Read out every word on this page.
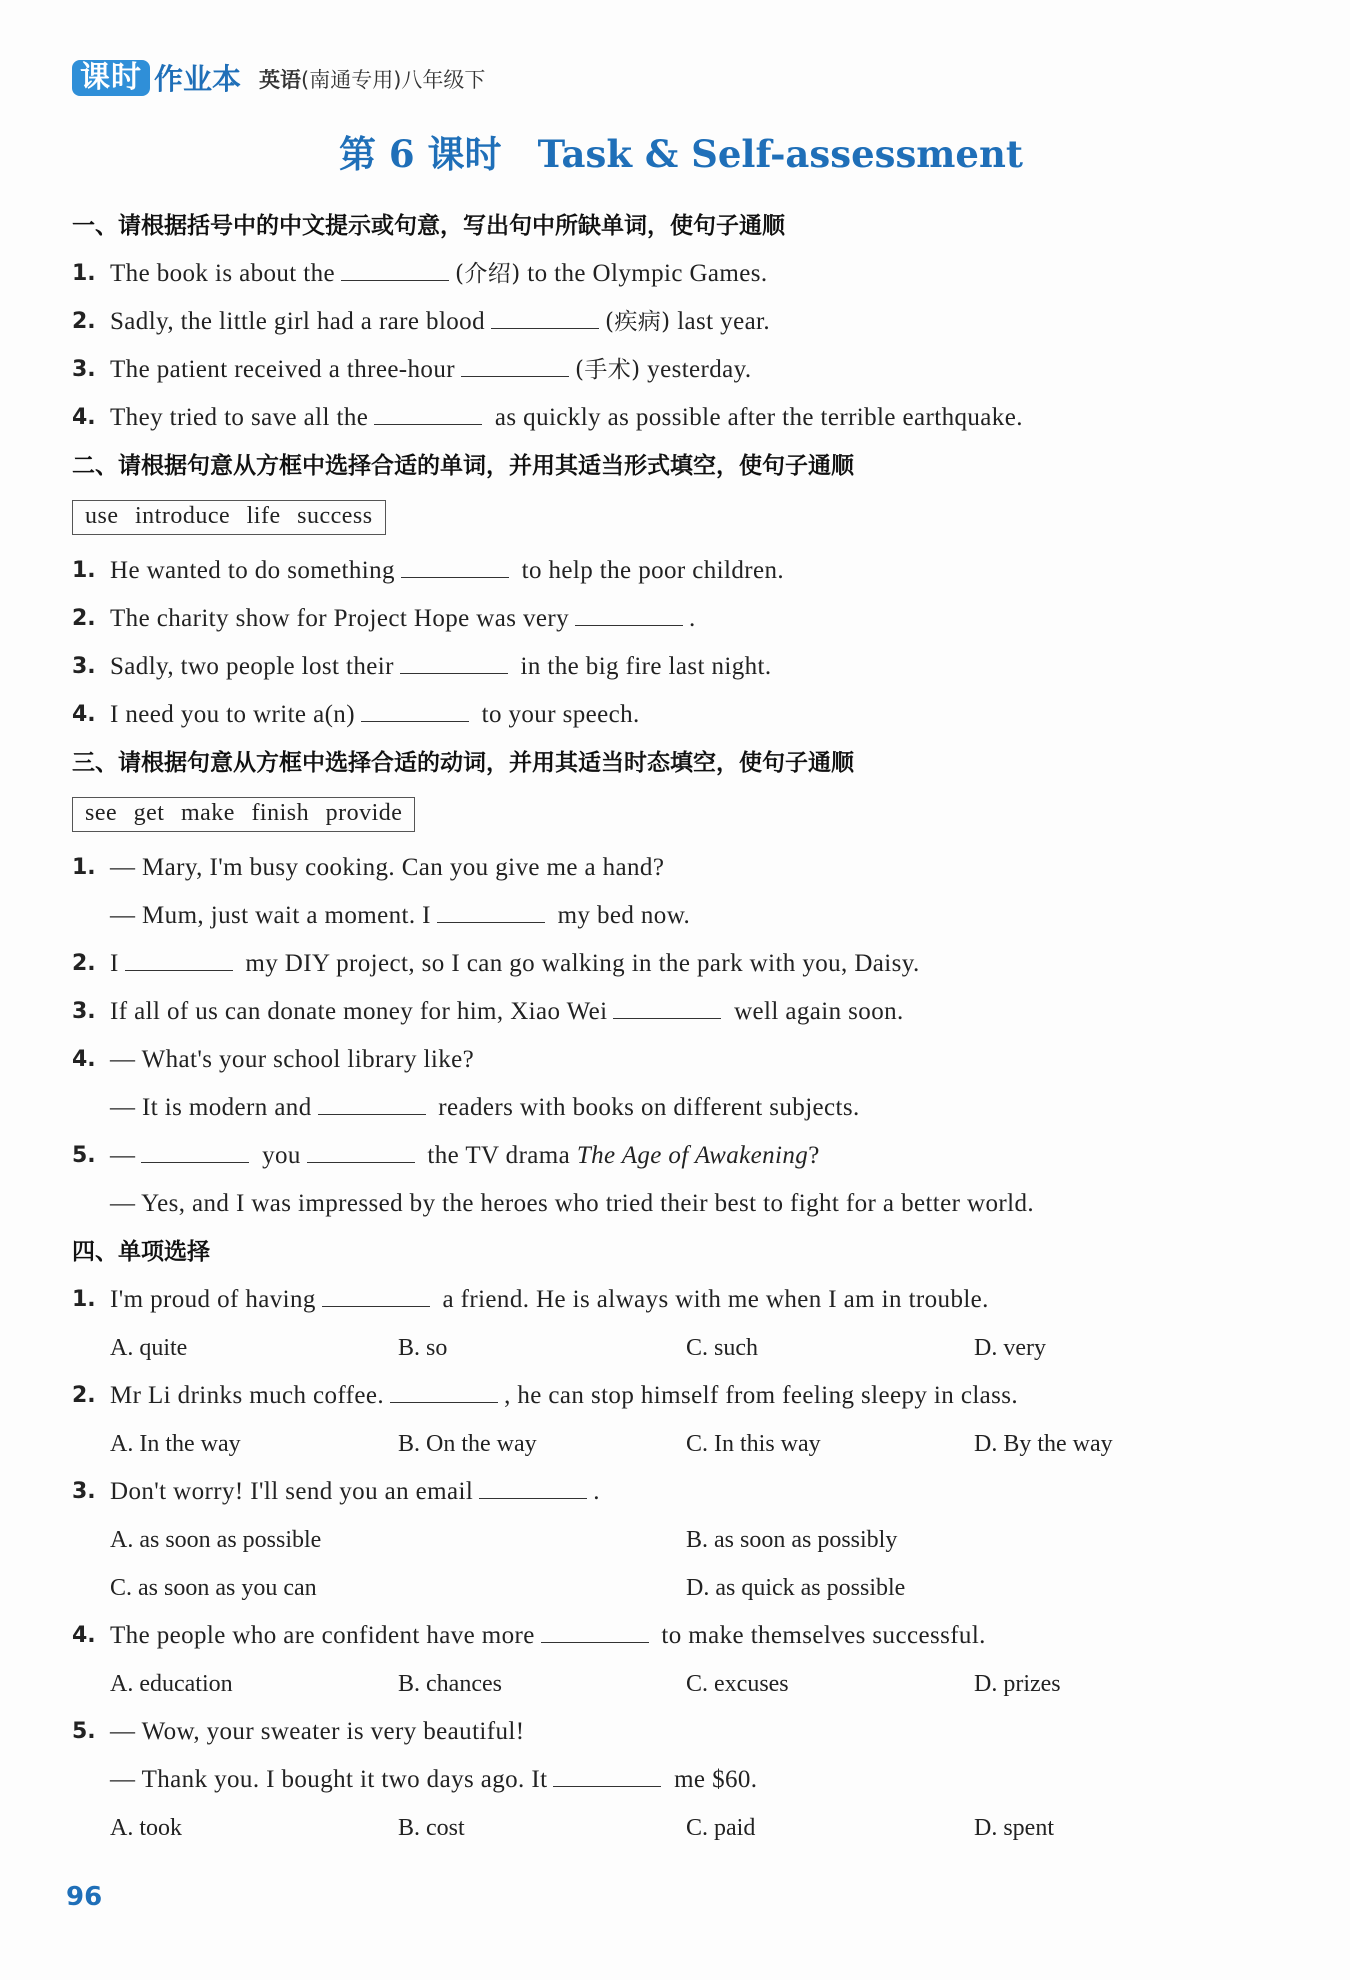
课时 作业本 英语(南通专用)八年级下
第 6 课时 Task & Self-assessment
一、请根据括号中的中文提示或句意，写出句中所缺单词，使句子通顺
1. The book is about the	(介绍) to the Olympic Games.
2. Sadly, the little girl had a rare blood	(疾病) last year.
3. The patient received a three-hour	(手术) yesterday.
4. They tried to save all the	as quickly as possible after the terrible earthquake.
二、请根据句意从方框中选择合适的单词，并用其适当形式填空，使句子通顺
use introduce life success
1. He wanted to do something	to help the poor children.
2. The charity show for Project Hope was very	.
3. Sadly, two people lost their	in the big fire last night.
4. I need you to write a(n)	to your speech.
三、请根据句意从方框中选择合适的动词，并用其适当时态填空，使句子通顺
see get make finish provide
1. — Mary, I'm busy cooking. Can you give me a hand?
— Mum, just wait a moment. I	my bed now.
2. I	my DIY project, so I can go walking in the park with you, Daisy.
3. If all of us can donate money for him, Xiao Wei	well again soon.
4. — What's your school library like?
— It is modern and	readers with books on different subjects.
5. —	you	the TV drama The Age of Awakening?
— Yes, and I was impressed by the heroes who tried their best to fight for a better world.
四、单项选择
1. I'm proud of having	a friend. He is always with me when I am in trouble.
A. quite	B. so	C. such	D. very
2. Mr Li drinks much coffee.	, he can stop himself from feeling sleepy in class.
A. In the way	B. On the way	C. In this way	D. By the way
3. Don't worry! I'll send you an email	.
A. as soon as possible	B. as soon as possibly
C. as soon as you can	D. as quick as possible
4. The people who are confident have more	to make themselves successful.
A. education	B. chances	C. excuses	D. prizes
5. — Wow, your sweater is very beautiful!
— Thank you. I bought it two days ago. It	me $60.
A. took	B. cost	C. paid	D. spent
96
